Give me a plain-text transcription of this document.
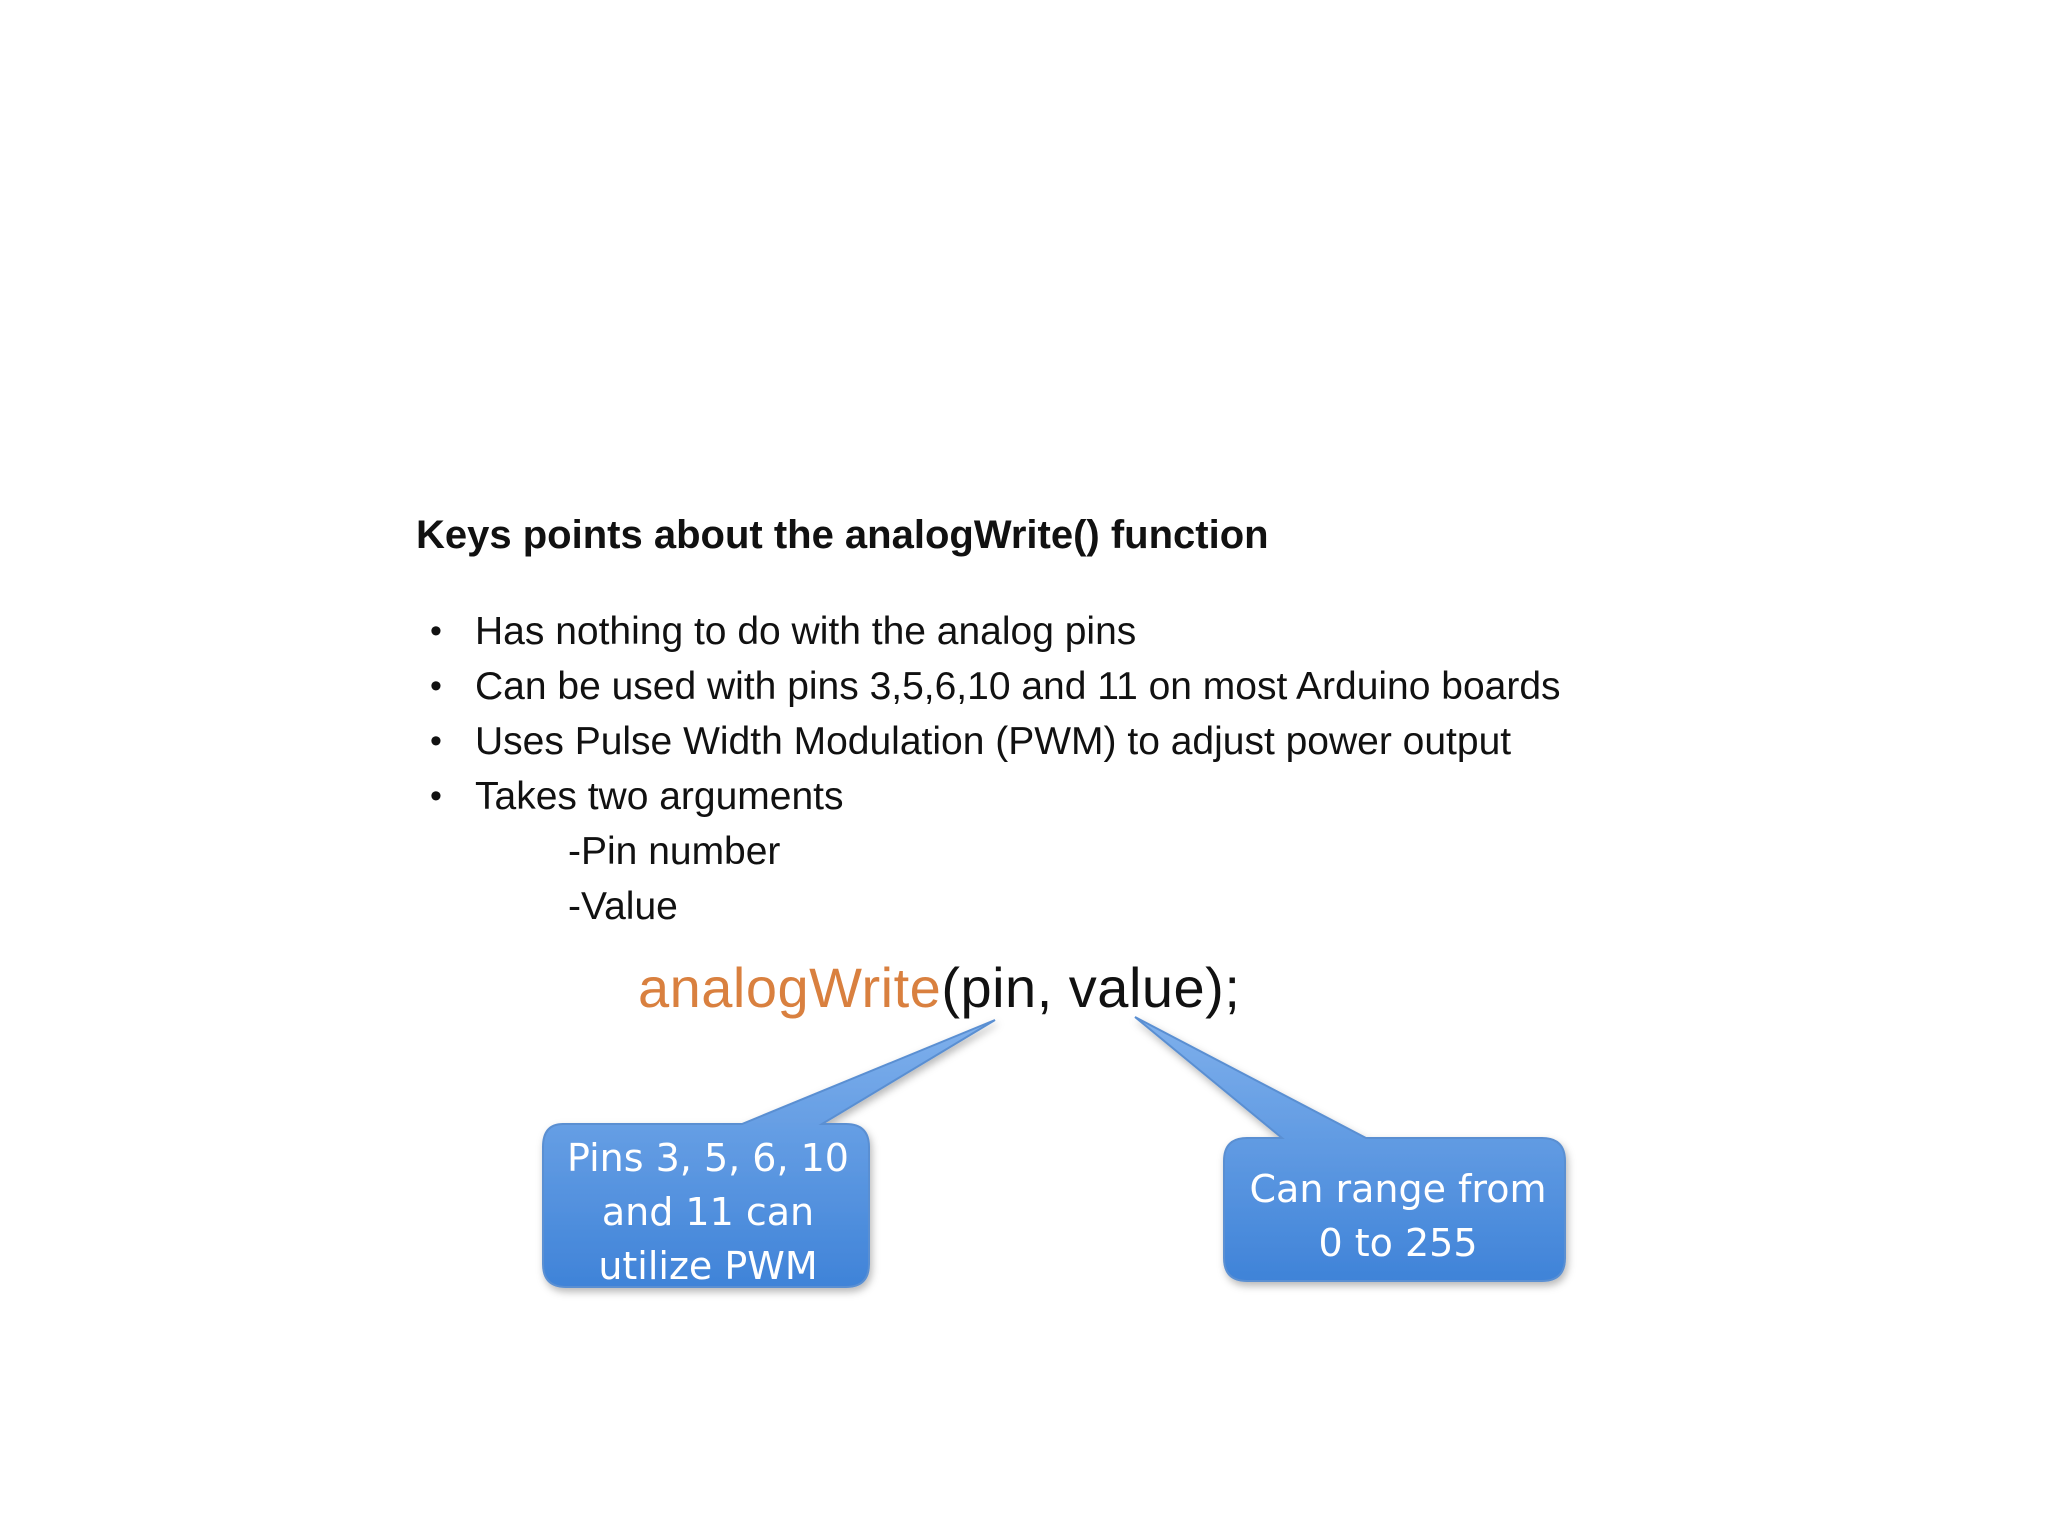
Keys points about the analogWrite() function
• Has nothing to do with the analog pins
• Can be used with pins 3,5,6,10 and 11 on most Arduino boards
• Uses Pulse Width Modulation (PWM) to adjust power output
• Takes two arguments
-Pin number
-Value
analogWrite(pin, value);
Pins 3, 5, 6, 10
and 11 can
utilize PWM
Can range from
0 to 255
